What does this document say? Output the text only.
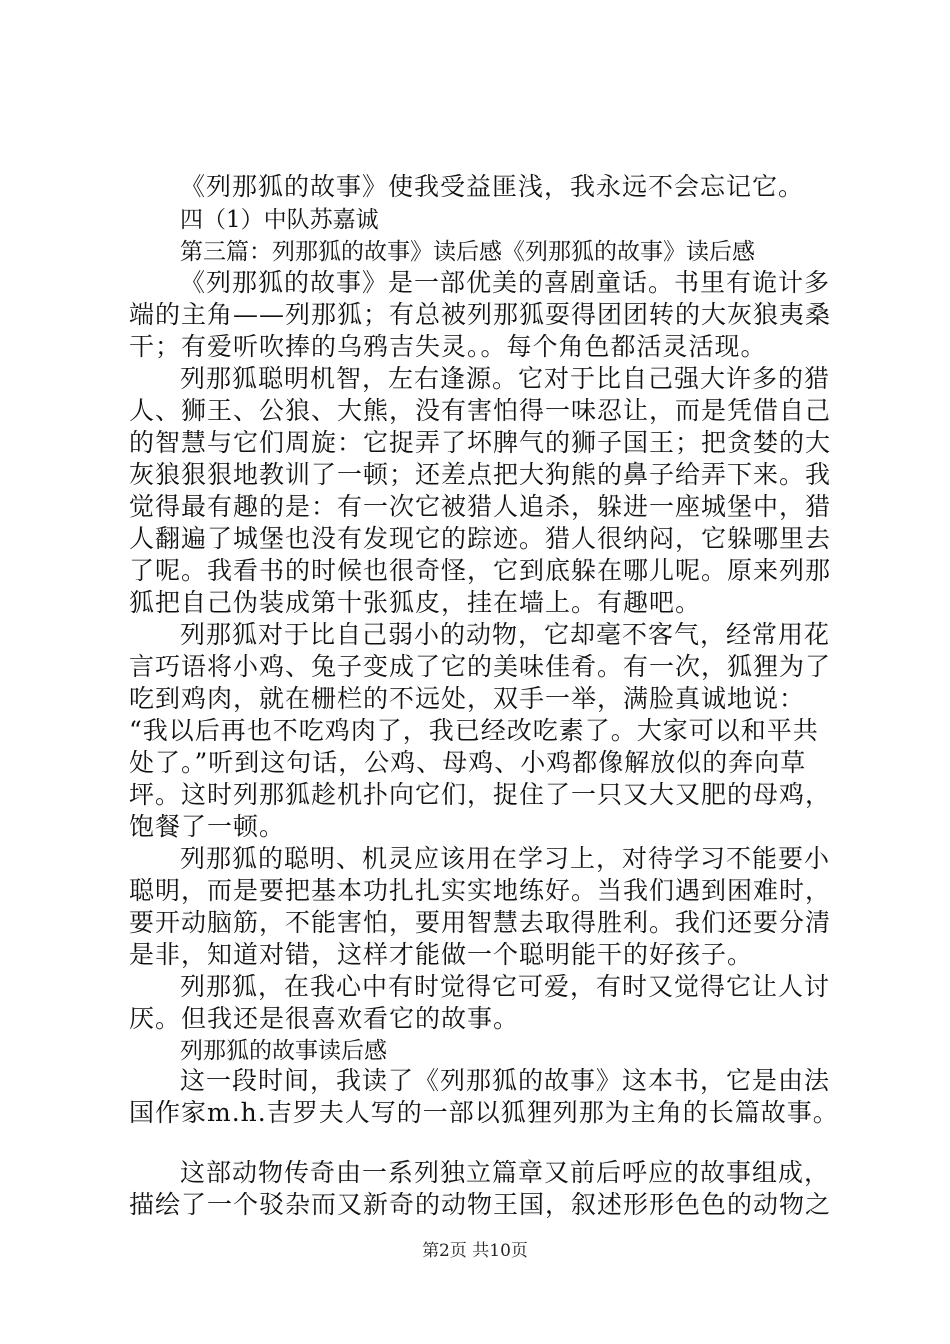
《列那狐的故事》使我受益匪浅，我永远不会忘记它。
四（1）中队苏嘉诚
第三篇：列那狐的故事》读后感《列那狐的故事》读后感
《列那狐的故事》是一部优美的喜剧童话。书里有诡计多
端的主角——列那狐；有总被列那狐耍得团团转的大灰狼夷桑
干；有爱听吹捧的乌鸦吉失灵。。每个角色都活灵活现。
列那狐聪明机智，左右逢源。它对于比自己强大许多的猎
人、狮王、公狼、大熊，没有害怕得一味忍让，而是凭借自己
的智慧与它们周旋：它捉弄了坏脾气的狮子国王；把贪婪的大
灰狼狠狠地教训了一顿；还差点把大狗熊的鼻子给弄下来。我
觉得最有趣的是：有一次它被猎人追杀，躲进一座城堡中，猎
人翻遍了城堡也没有发现它的踪迹。猎人很纳闷，它躲哪里去
了呢。我看书的时候也很奇怪，它到底躲在哪儿呢。原来列那
狐把自己伪装成第十张狐皮，挂在墙上。有趣吧。
列那狐对于比自己弱小的动物，它却毫不客气，经常用花
言巧语将小鸡、兔子变成了它的美味佳肴。有一次，狐狸为了
吃到鸡肉，就在栅栏的不远处，双手一举，满脸真诚地说：
“我以后再也不吃鸡肉了，我已经改吃素了。大家可以和平共
处了。”听到这句话，公鸡、母鸡、小鸡都像解放似的奔向草
坪。这时列那狐趁机扑向它们，捉住了一只又大又肥的母鸡，
饱餐了一顿。
列那狐的聪明、机灵应该用在学习上，对待学习不能要小
聪明，而是要把基本功扎扎实实地练好。当我们遇到困难时，
要开动脑筋，不能害怕，要用智慧去取得胜利。我们还要分清
是非，知道对错，这样才能做一个聪明能干的好孩子。
列那狐，在我心中有时觉得它可爱，有时又觉得它让人讨
厌。但我还是很喜欢看它的故事。
列那狐的故事读后感
这一段时间，我读了《列那狐的故事》这本书，它是由法
国作家m.h.吉罗夫人写的一部以狐狸列那为主角的长篇故事。
这部动物传奇由一系列独立篇章又前后呼应的故事组成，
描绘了一个驳杂而又新奇的动物王国，叙述形形色色的动物之
第2页 共10页
